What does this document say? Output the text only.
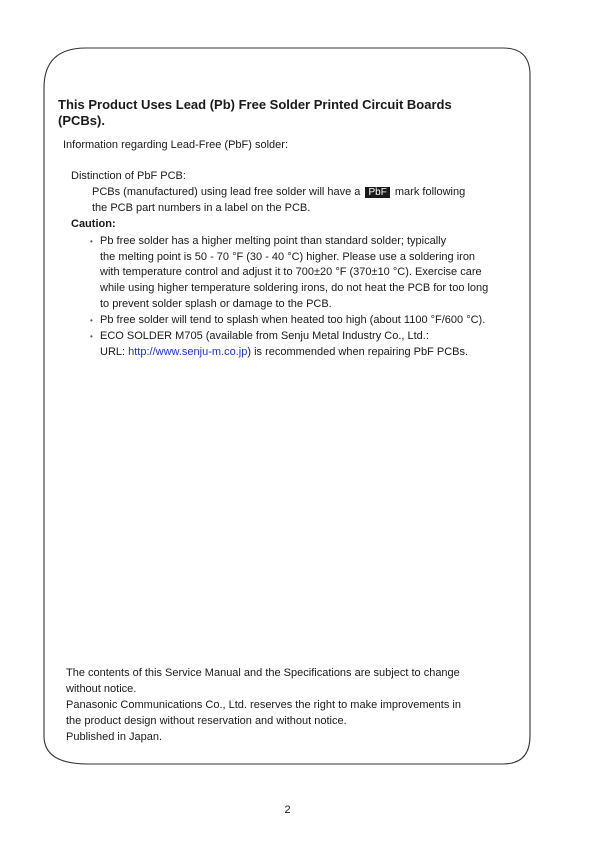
This Product Uses Lead (Pb) Free Solder Printed Circuit Boards (PCBs).

Information regarding Lead-Free (PbF) solder:

Distinction of PbF PCB:

PCBs (manufactured) using lead free solder will have a PbF mark following

the PCB part numbers in a label on the PCB.

Caution:

• Pb free solder has a higher melting point than standard solder; typically

the melting point is 50 - 70 °F (30 - 40 °C) higher. Please use a soldering iron

with temperature control and adjust it to 700±20 °F (370±10 °C). Exercise care

while using higher temperature soldering irons, do not heat the PCB for too long

to prevent solder splash or damage to the PCB.

• Pb free solder will tend to splash when heated too high (about 1100 °F/600 °C).

• ECO SOLDER M705 (available from Senju Metal Industry Co., Ltd.:

URL: http://www.senju-m.co.jp) is recommended when repairing PbF PCBs.

The contents of this Service Manual and the Specifications are subject to change

without notice.

Panasonic Communications Co., Ltd. reserves the right to make improvements in

the product design without reservation and without notice.

Published in Japan.

2
